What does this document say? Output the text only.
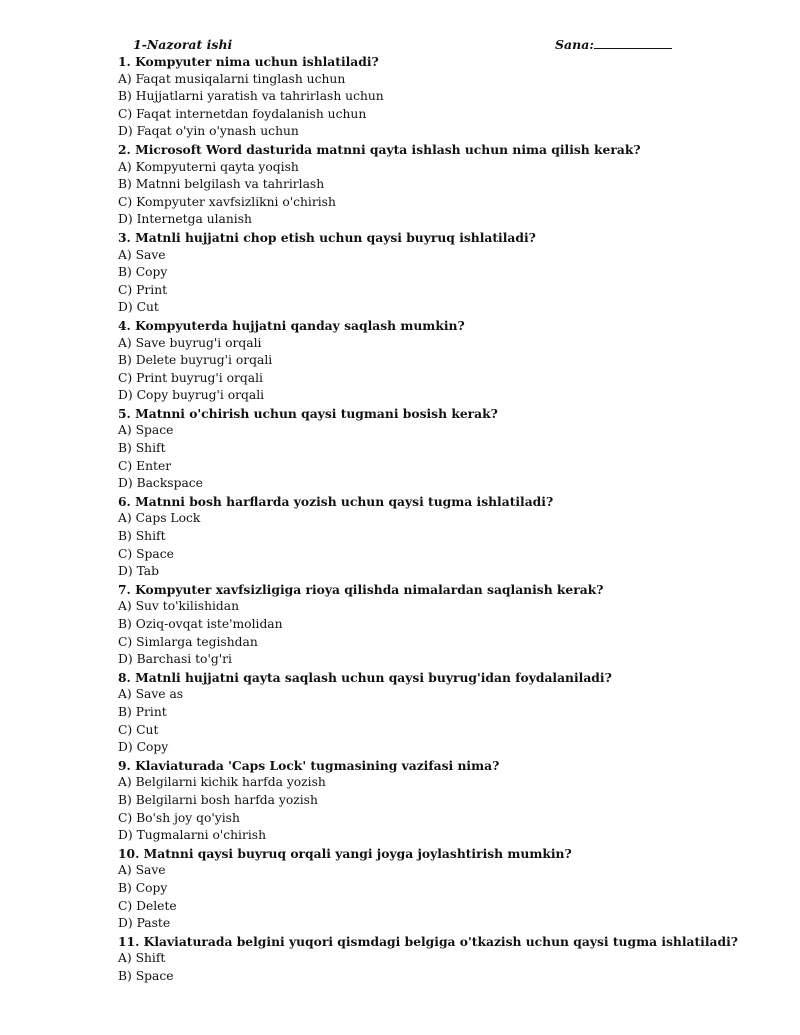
1-Nazorat ishi	Sana:
1. Kompyuter nima uchun ishlatiladi?
A) Faqat musiqalarni tinglash uchun
B) Hujjatlarni yaratish va tahrirlash uchun
C) Faqat internetdan foydalanish uchun
D) Faqat o'yin o'ynash uchun
2. Microsoft Word dasturida matnni qayta ishlash uchun nima qilish kerak?
A) Kompyuterni qayta yoqish
B) Matnni belgilash va tahrirlash
C) Kompyuter xavfsizlikni o'chirish
D) Internetga ulanish
3. Matnli hujjatni chop etish uchun qaysi buyruq ishlatiladi?
A) Save
B) Copy
C) Print
D) Cut
4. Kompyuterda hujjatni qanday saqlash mumkin?
A) Save buyrug'i orqali
B) Delete buyrug'i orqali
C) Print buyrug'i orqali
D) Copy buyrug'i orqali
5. Matnni o'chirish uchun qaysi tugmani bosish kerak?
A) Space
B) Shift
C) Enter
D) Backspace
6. Matnni bosh harflarda yozish uchun qaysi tugma ishlatiladi?
A) Caps Lock
B) Shift
C) Space
D) Tab
7. Kompyuter xavfsizligiga rioya qilishda nimalardan saqlanish kerak?
A) Suv to'kilishidan
B) Oziq-ovqat iste'molidan
C) Simlarga tegishdan
D) Barchasi to'g'ri
8. Matnli hujjatni qayta saqlash uchun qaysi buyrug'idan foydalaniladi?
A) Save as
B) Print
C) Cut
D) Copy
9. Klaviaturada 'Caps Lock' tugmasining vazifasi nima?
A) Belgilarni kichik harfda yozish
B) Belgilarni bosh harfda yozish
C) Bo'sh joy qo'yish
D) Tugmalarni o'chirish
10. Matnni qaysi buyruq orqali yangi joyga joylashtirish mumkin?
A) Save
B) Copy
C) Delete
D) Paste
11. Klaviaturada belgini yuqori qismdagi belgiga o'tkazish uchun qaysi tugma ishlatiladi?
A) Shift
B) Space
